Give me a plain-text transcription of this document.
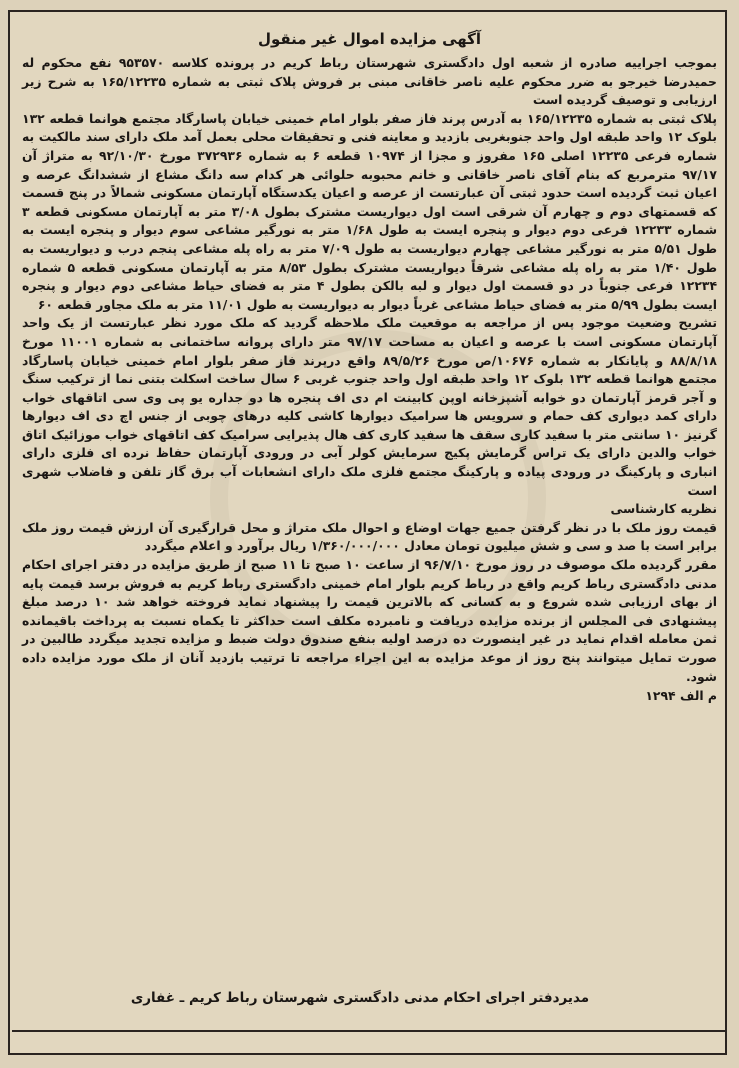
آگهی مزایده اموال غیر منقول

بموجب اجراییه صادره از شعبه اول دادگستری شهرستان رباط کریم در پرونده کلاسه ۹۵۳۵۷۰ نفع محکوم له حمیدرضا خیرجو به ضرر محکوم علیه ناصر خاقانی مبنی بر فروش پلاک ثبتی به شماره ۱۶۵/۱۲۲۳۵ به شرح زیر ارزیابی و توصیف گردیده است

پلاک ثبتی به شماره ۱۶۵/۱۲۲۳۵ به آدرس پرند فاز صفر بلوار امام خمینی خیابان پاسارگاد مجتمع هوانما قطعه ۱۳۲ بلوک ۱۲ واحد طبقه اول واحد جنوبغربی بازدید و معاینه فنی و تحقیقات محلی بعمل آمد ملک دارای سند مالکیت به شماره فرعی ۱۲۲۳۵ اصلی ۱۶۵ مفروز و مجزا از ۱۰۹۷۴ قطعه ۶ به شماره ۳۷۲۹۳۶ مورخ ۹۲/۱۰/۳۰ به متراژ آن ۹۷/۱۷ مترمربع که بنام آقای ناصر خاقانی و خانم محبوبه حلوائی هر کدام سه دانگ مشاع از ششدانگ عرصه و اعیان ثبت گردیده است حدود ثبتی آن عبارتست از عرصه و اعیان یکدستگاه آپارتمان مسکونی شمالاً در پنج قسمت که قسمتهای دوم و چهارم آن شرقی است اول دیواریست مشترک بطول ۳/۰۸ متر به آپارتمان مسکونی قطعه ۳ شماره ۱۲۲۳۳ فرعی دوم دیوار و پنجره ایست به طول ۱/۶۸ متر به نورگیر مشاعی سوم دیوار و پنجره ایست به طول ۵/۵۱ متر به نورگیر مشاعی چهارم دیواریست به طول ۷/۰۹ متر به راه پله مشاعی پنجم درب و دیواریست به طول ۱/۴۰ متر به راه پله مشاعی شرقاً دیواریست مشترک بطول ۸/۵۳ متر به آپارتمان مسکونی قطعه ۵ شماره ۱۲۲۳۴ فرعی جنوباً در دو قسمت اول دیوار و لبه بالکن بطول ۴ متر به فضای حیاط مشاعی دوم دیوار و پنجره ایست بطول ۵/۹۹ متر به فضای حیاط مشاعی غرباً دیوار به دیواریست به طول ۱۱/۰۱ متر به ملک مجاور قطعه ۶۰

تشریح وضعیت موجود پس از مراجعه به موقعیت ملک ملاحظه گردید که ملک مورد نظر عبارتست از یک واحد آپارتمان مسکونی است با عرصه و اعیان به مساحت ۹۷/۱۷ متر دارای پروانه ساختمانی به شماره ۱۱۰۰۱ مورخ ۸۸/۸/۱۸ و پایانکار به شماره ۱۰۶۷۶/ص مورخ ۸۹/۵/۲۶ واقع درپرند فاز صفر بلوار امام خمینی خیابان پاسارگاد مجتمع هوانما قطعه ۱۳۲ بلوک ۱۲ واحد طبقه اول واحد جنوب غربی ۶ سال ساخت اسکلت بتنی نما از ترکیب سنگ و آجر قرمز آپارتمان دو خوابه آشپزخانه اوپن کابینت ام دی اف پنجره ها دو جداره یو پی وی سی اتاقهای خواب دارای کمد دیواری کف حمام و سرویس ها سرامیک دیوارها کاشی کلیه درهای چوبی از جنس اچ دی اف دیوارها گرنیز ۱۰ سانتی متر با سفید کاری سقف ها سفید کاری کف هال پذیرایی سرامیک کف اتاقهای خواب موزائیک اتاق خواب والدین دارای یک تراس گرمایش پکیج سرمایش کولر آبی در ورودی آپارتمان حفاظ نرده ای فلزی دارای انباری و پارکینگ در ورودی پیاده و پارکینگ مجتمع فلزی ملک دارای انشعابات آب برق گاز تلفن و فاضلاب شهری است

نظریه کارشناسی

قیمت روز ملک با در نظر گرفتن جمیع جهات اوضاع و احوال ملک متراژ و محل قرارگیری آن ارزش قیمت روز ملک برابر است با صد و سی و شش میلیون تومان معادل ۱/۳۶۰/۰۰۰/۰۰۰ ریال برآورد و اعلام میگردد

مقرر گردیده ملک موصوف در روز مورخ ۹۶/۷/۱۰ از ساعت ۱۰ صبح تا ۱۱ صبح از طریق مزایده در دفتر اجرای احکام مدنی دادگستری رباط کریم واقع در رباط کریم بلوار امام خمینی دادگستری رباط کریم به فروش برسد قیمت پایه از بهای ارزیابی شده شروع و به کسانی که بالاترین قیمت را پیشنهاد نماید فروخته خواهد شد ۱۰ درصد مبلغ پیشنهادی فی المجلس از برنده مزایده دریافت و نامبرده مکلف است حداکثر تا یکماه نسبت به پرداخت باقیمانده ثمن معامله اقدام نماید در غیر اینصورت ده درصد اولیه بنفع صندوق دولت ضبط و مزایده تجدید میگردد طالبین در صورت تمایل میتوانند پنج روز از موعد مزایده به این اجراء مراجعه تا ترتیب بازدید آنان از ملک مورد مزایده داده شود.

م الف ۱۲۹۴

مدیردفتر اجرای احکام مدنی دادگستری شهرستان رباط کریم ـ غفاری
